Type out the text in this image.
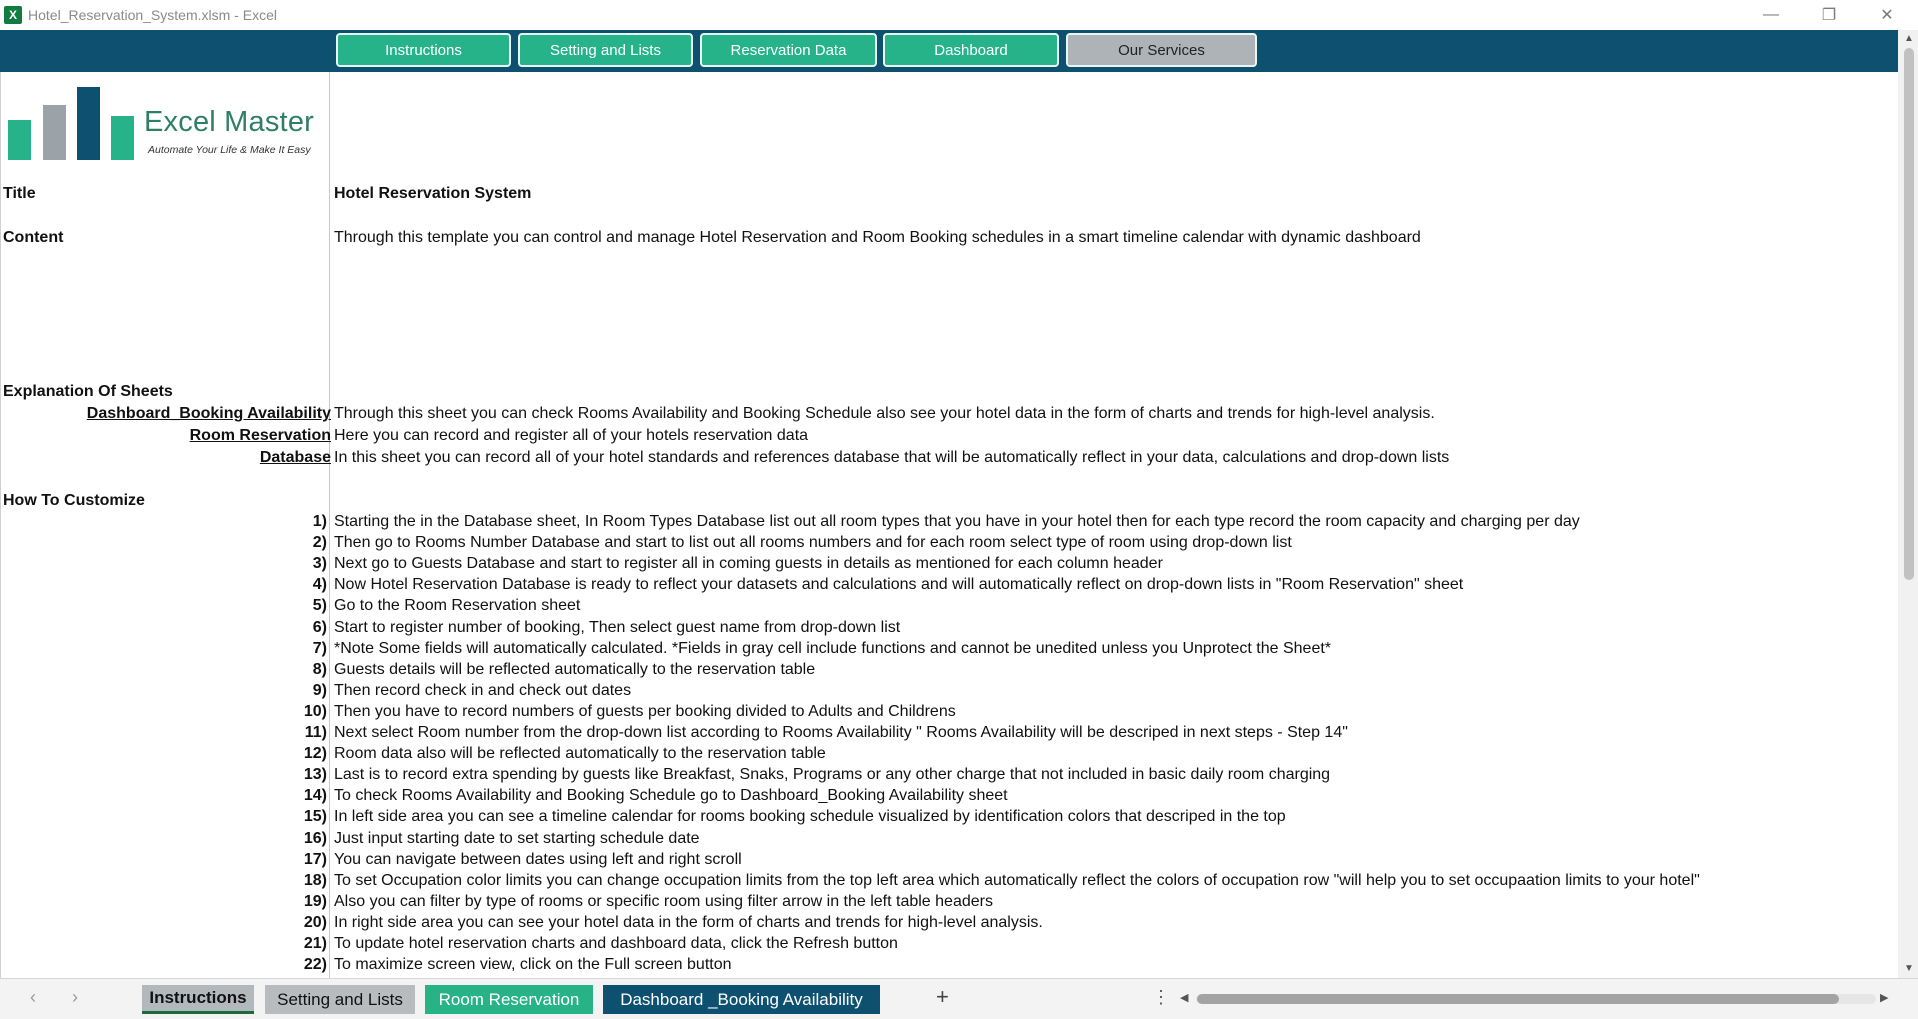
X Hotel_Reservation_System.xlsm - Excel	—	❐	✕
Instructions	Setting and Lists	Reservation Data	Dashboard	Our Services
Excel Master
Automate Your Life & Make It Easy
Title	Hotel Reservation System
Content	Through this template you can control and manage Hotel Reservation and Room Booking schedules in a smart timeline calendar with dynamic dashboard
Explanation Of Sheets
Dashboard_Booking Availability Through this sheet you can check Rooms Availability and Booking Schedule also see your hotel data in the form of charts and trends for high-level analysis.
Room Reservation Here you can record and register all of your hotels reservation data
Database In this sheet you can record all of your hotel standards and references database that will be automatically reflect in your data, calculations and drop-down lists
How To Customize
1) Starting the in the Database sheet, In Room Types Database list out all room types that you have in your hotel then for each type record the room capacity and charging per day
2) Then go to Rooms Number Database and start to list out all rooms numbers and for each room select type of room using drop-down list
3) Next go to Guests Database and start to register all in coming guests in details as mentioned for each column header
4) Now Hotel Reservation Database is ready to reflect your datasets and calculations and will automatically reflect on drop-down lists in "Room Reservation" sheet
5) Go to the Room Reservation sheet
6) Start to register number of booking, Then select guest name from drop-down list
7) *Note Some fields will automatically calculated. *Fields in gray cell include functions and cannot be unedited unless you Unprotect the Sheet*
8) Guests details will be reflected automatically to the reservation table
9) Then record check in and check out dates
10) Then you have to record numbers of guests per booking divided to Adults and Childrens
11) Next select Room number from the drop-down list according to Rooms Availability " Rooms Availability will be descriped in next steps - Step 14"
12) Room data also will be reflected automatically to the reservation table
13) Last is to record extra spending by guests like Breakfast, Snaks, Programs or any other charge that not included in basic daily room charging
14) To check Rooms Availability and Booking Schedule go to Dashboard_Booking Availability sheet
15) In left side area you can see a timeline calendar for rooms booking schedule visualized by identification colors that descriped in the top
16) Just input starting date to set starting schedule date
17) You can navigate between dates using left and right scroll
18) To set Occupation color limits you can change occupation limits from the top left area which automatically reflect the colors of occupation row "will help you to set occupaation limits to your hotel"
19) Also you can filter by type of rooms or specific room using filter arrow in the left table headers
20) In right side area you can see your hotel data in the form of charts and trends for high-level analysis.
21) To update hotel reservation charts and dashboard data, click the Refresh button
22) To maximize screen view, click on the Full screen button
▲
▼
‹ ›	Instructions	Setting and Lists	Room Reservation	Dashboard _Booking Availability	+	⋮ ◀	▶
